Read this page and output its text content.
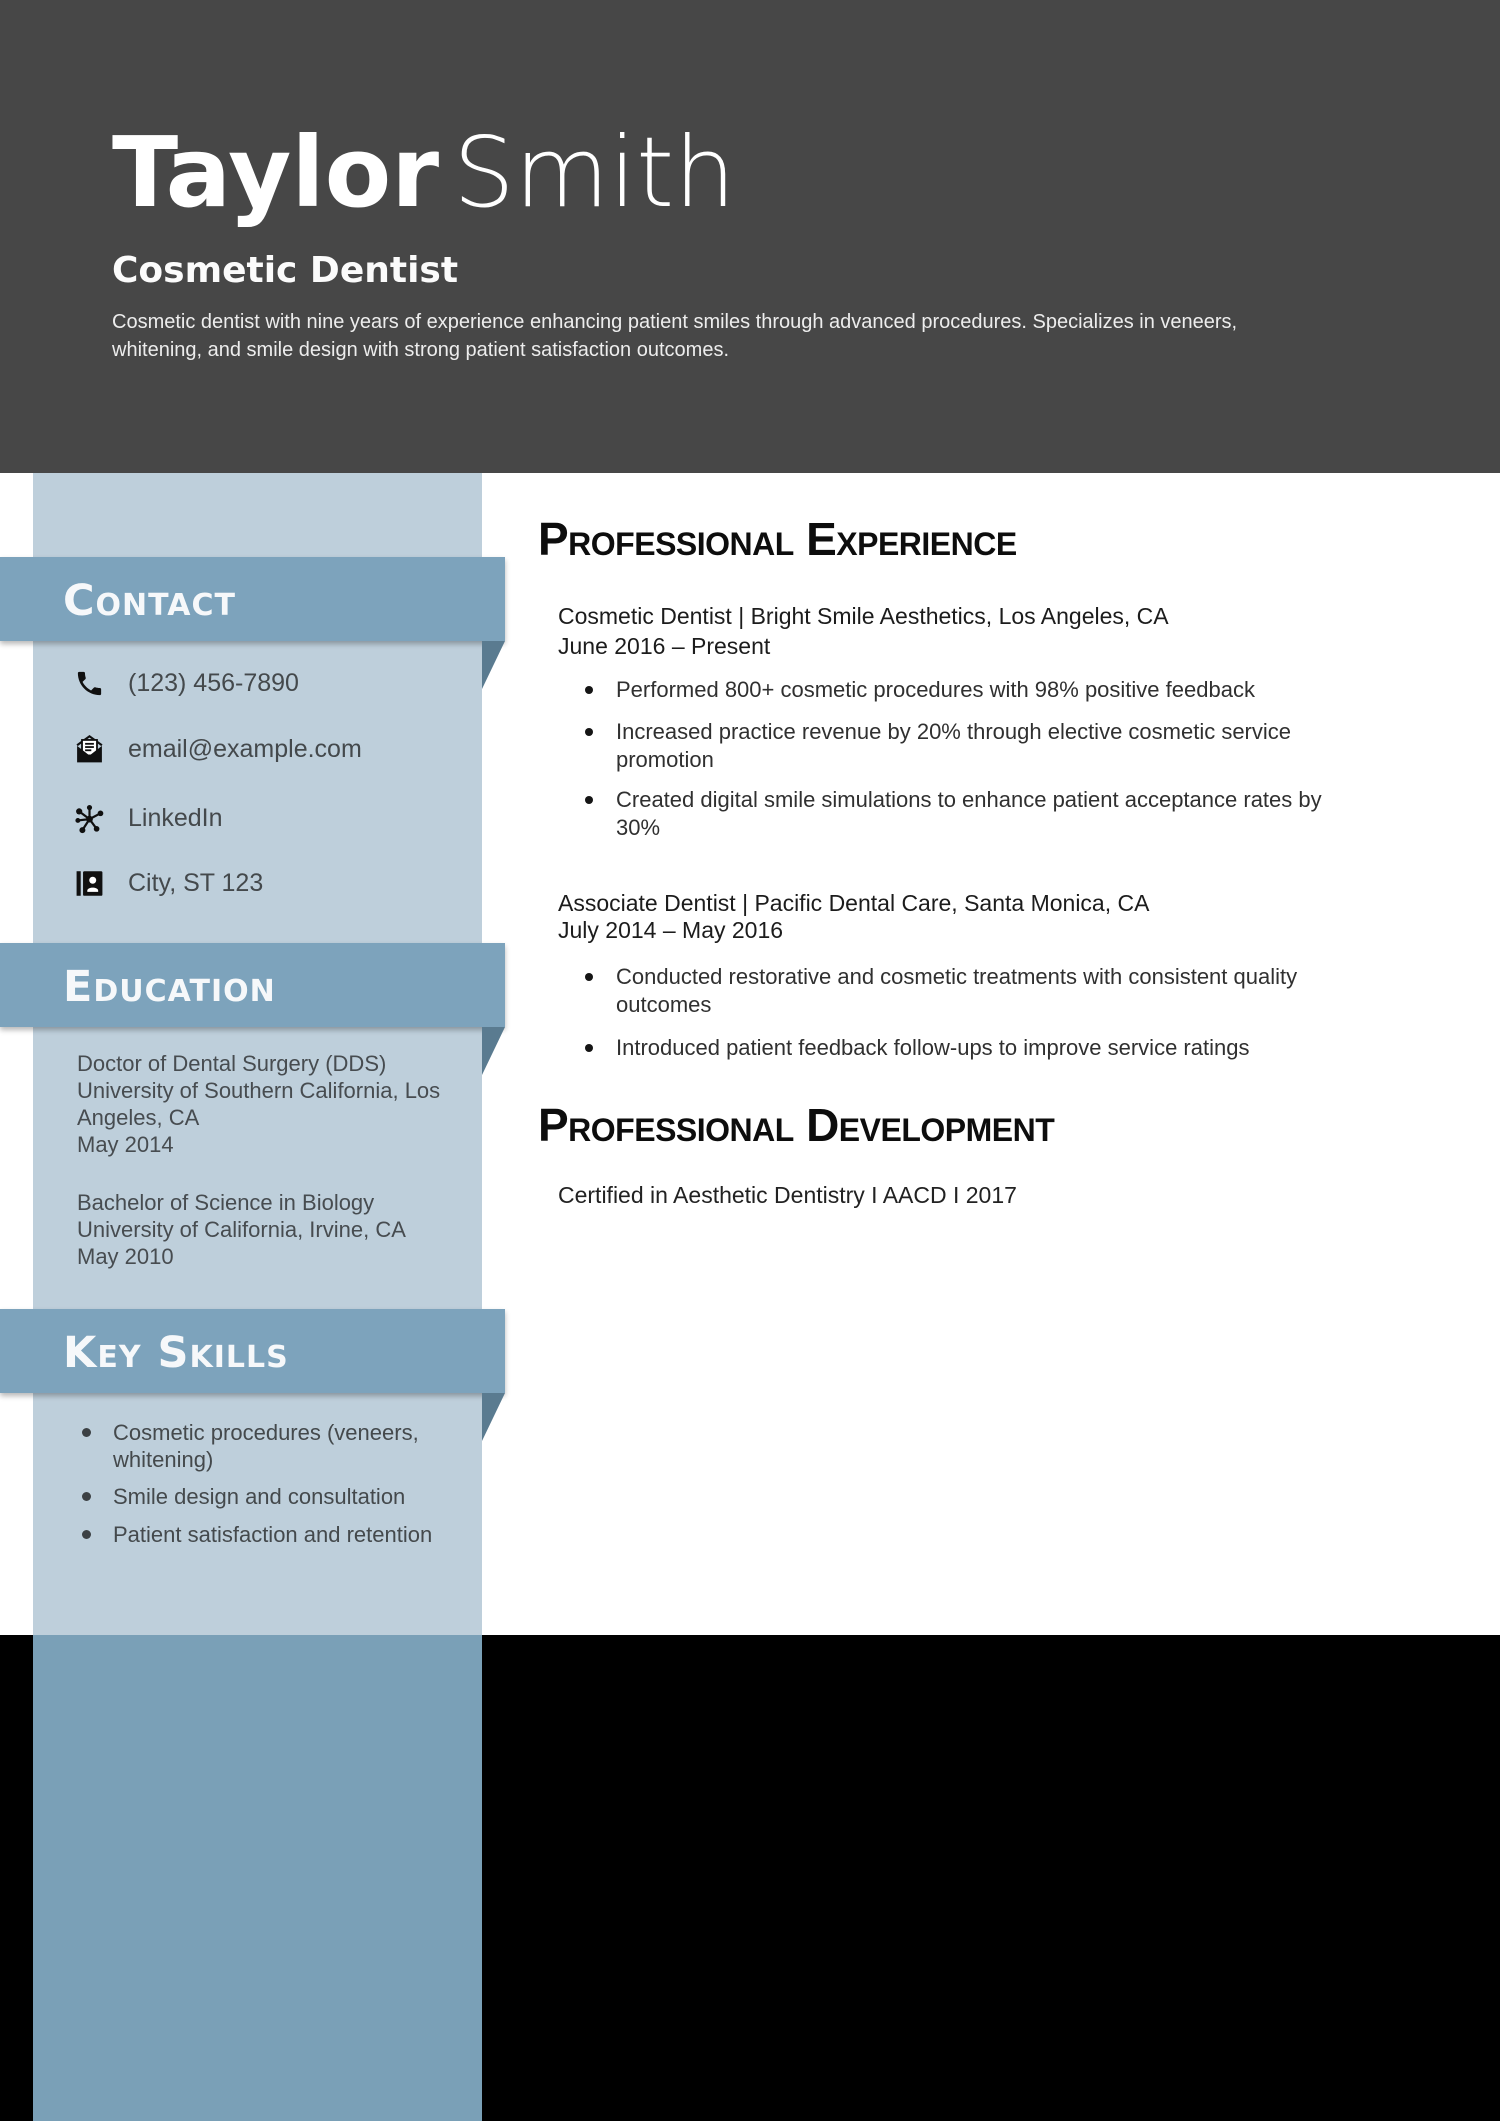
Taylor Smith
Cosmetic Dentist
Cosmetic dentist with nine years of experience enhancing patient smiles through advanced procedures. Specializes in veneers,
whitening, and smile design with strong patient satisfaction outcomes.
Contact
(123) 456-7890
email@example.com
LinkedIn
City, ST 123
Education
Doctor of Dental Surgery (DDS)
University of Southern California, Los
Angeles, CA
May 2014
Bachelor of Science in Biology
University of California, Irvine, CA
May 2010
Key Skills
Cosmetic procedures (veneers,
whitening)
Smile design and consultation
Patient satisfaction and retention
Professional Experience
Cosmetic Dentist | Bright Smile Aesthetics, Los Angeles, CA
June 2016 – Present
Performed 800+ cosmetic procedures with 98% positive feedback
Increased practice revenue by 20% through elective cosmetic service
promotion
Created digital smile simulations to enhance patient acceptance rates by
30%
Associate Dentist | Pacific Dental Care, Santa Monica, CA
July 2014 – May 2016
Conducted restorative and cosmetic treatments with consistent quality
outcomes
Introduced patient feedback follow-ups to improve service ratings
Professional Development
Certified in Aesthetic Dentistry I AACD I 2017
